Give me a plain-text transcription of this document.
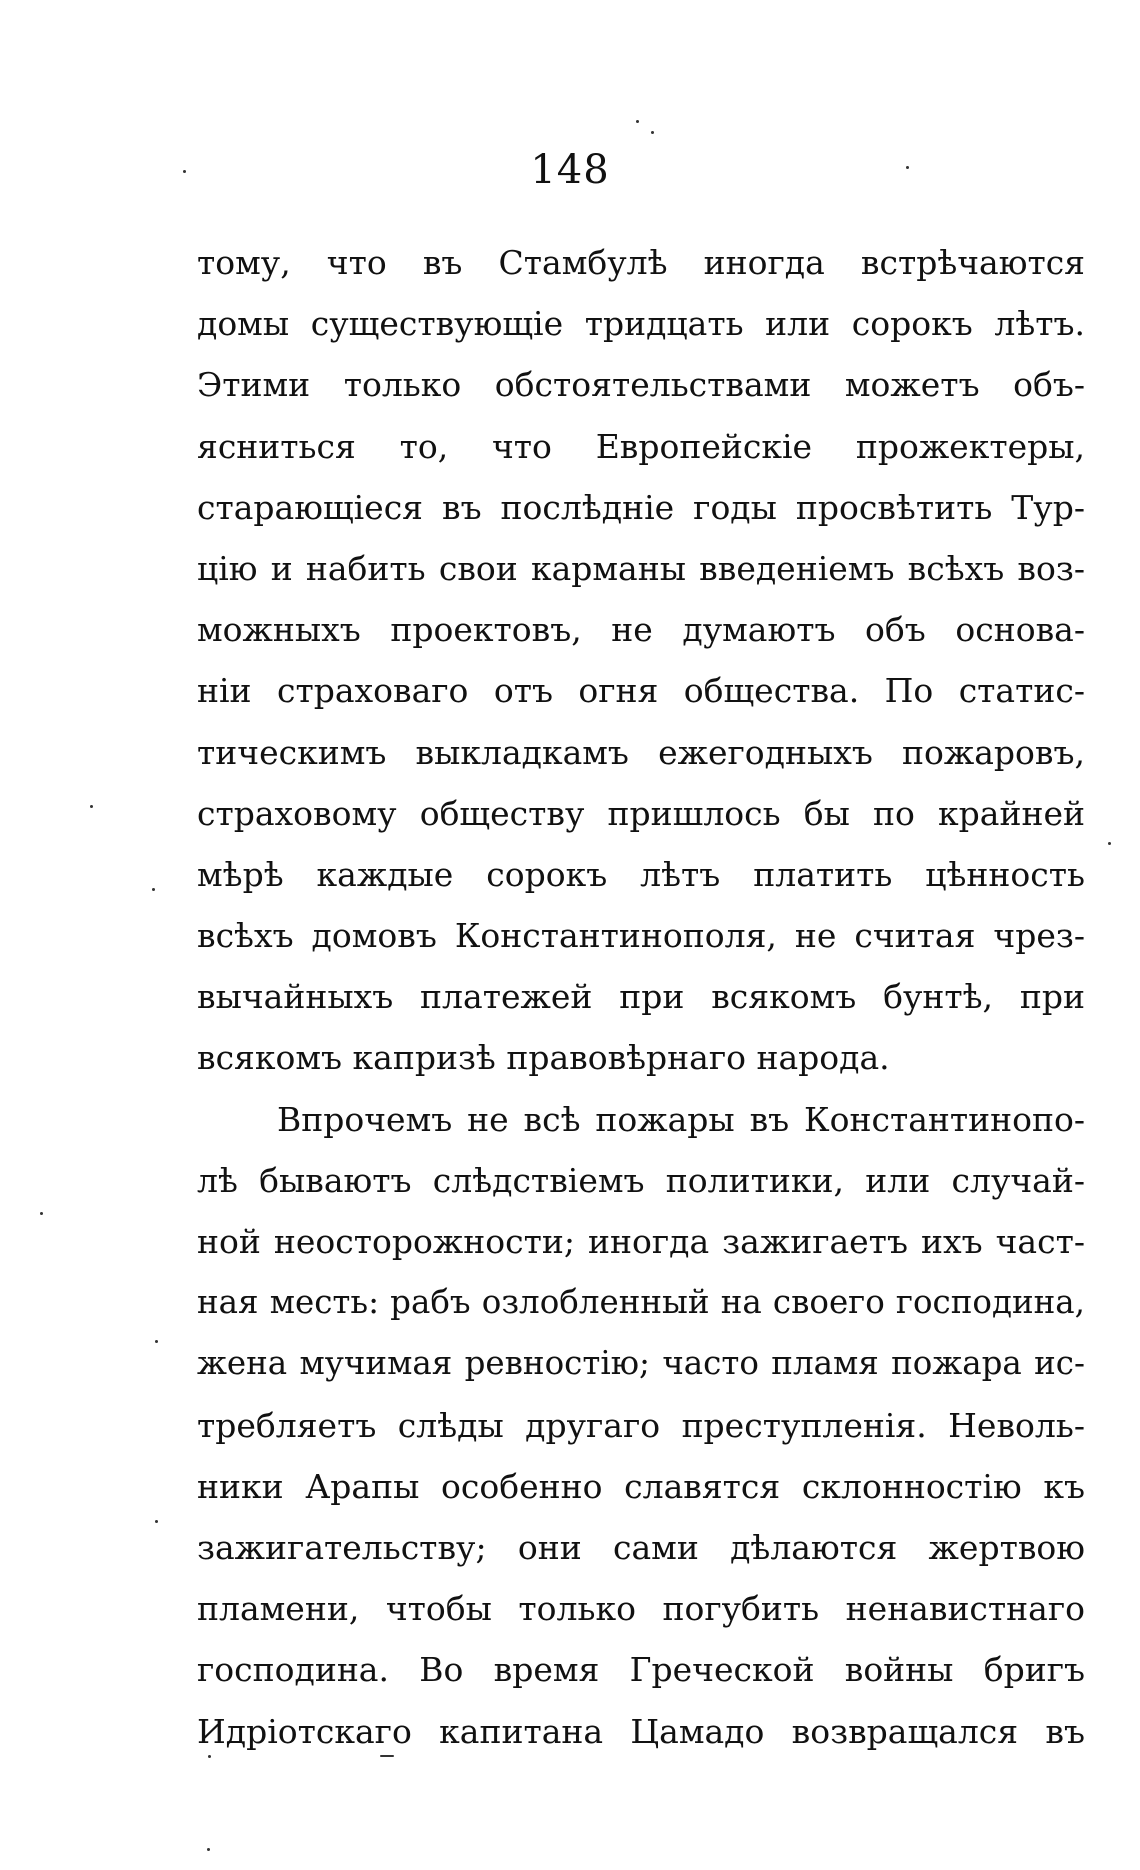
148
тому, что въ Стамбулѣ иногда встрѣчаются
домы существующіе тридцать или сорокъ лѣтъ.
Этими только обстоятельствами можетъ объ-
ясниться то, что Европейскіе прожектеры,
старающіеся въ послѣдніе годы просвѣтить Тур-
цію и набить свои карманы введеніемъ всѣхъ воз-
можныхъ проектовъ, не думаютъ объ основа-
ніи страховаго отъ огня общества. По статис-
тическимъ выкладкамъ ежегодныхъ пожаровъ,
страховому обществу пришлось бы по крайней
мѣрѣ каждые сорокъ лѣтъ платить цѣнность
всѣхъ домовъ Константинополя, не считая чрез-
вычайныхъ платежей при всякомъ бунтѣ, при
всякомъ капризѣ правовѣрнаго народа.
Впрочемъ не всѣ пожары въ Константинопо-
лѣ бываютъ слѣдствіемъ политики, или случай-
ной неосторожности; иногда зажигаетъ ихъ част-
ная месть: рабъ озлобленный на своего господина,
жена мучимая ревностію; часто пламя пожара ис-
требляетъ слѣды другаго преступленія. Неволь-
ники Арапы особенно славятся склонностію къ
зажигательству; они сами дѣлаются жертвою
пламени, чтобы только погубить ненавистнаго
господина. Во время Греческой войны бригъ
Идріотскаго капитана Цамадо возвращался въ
